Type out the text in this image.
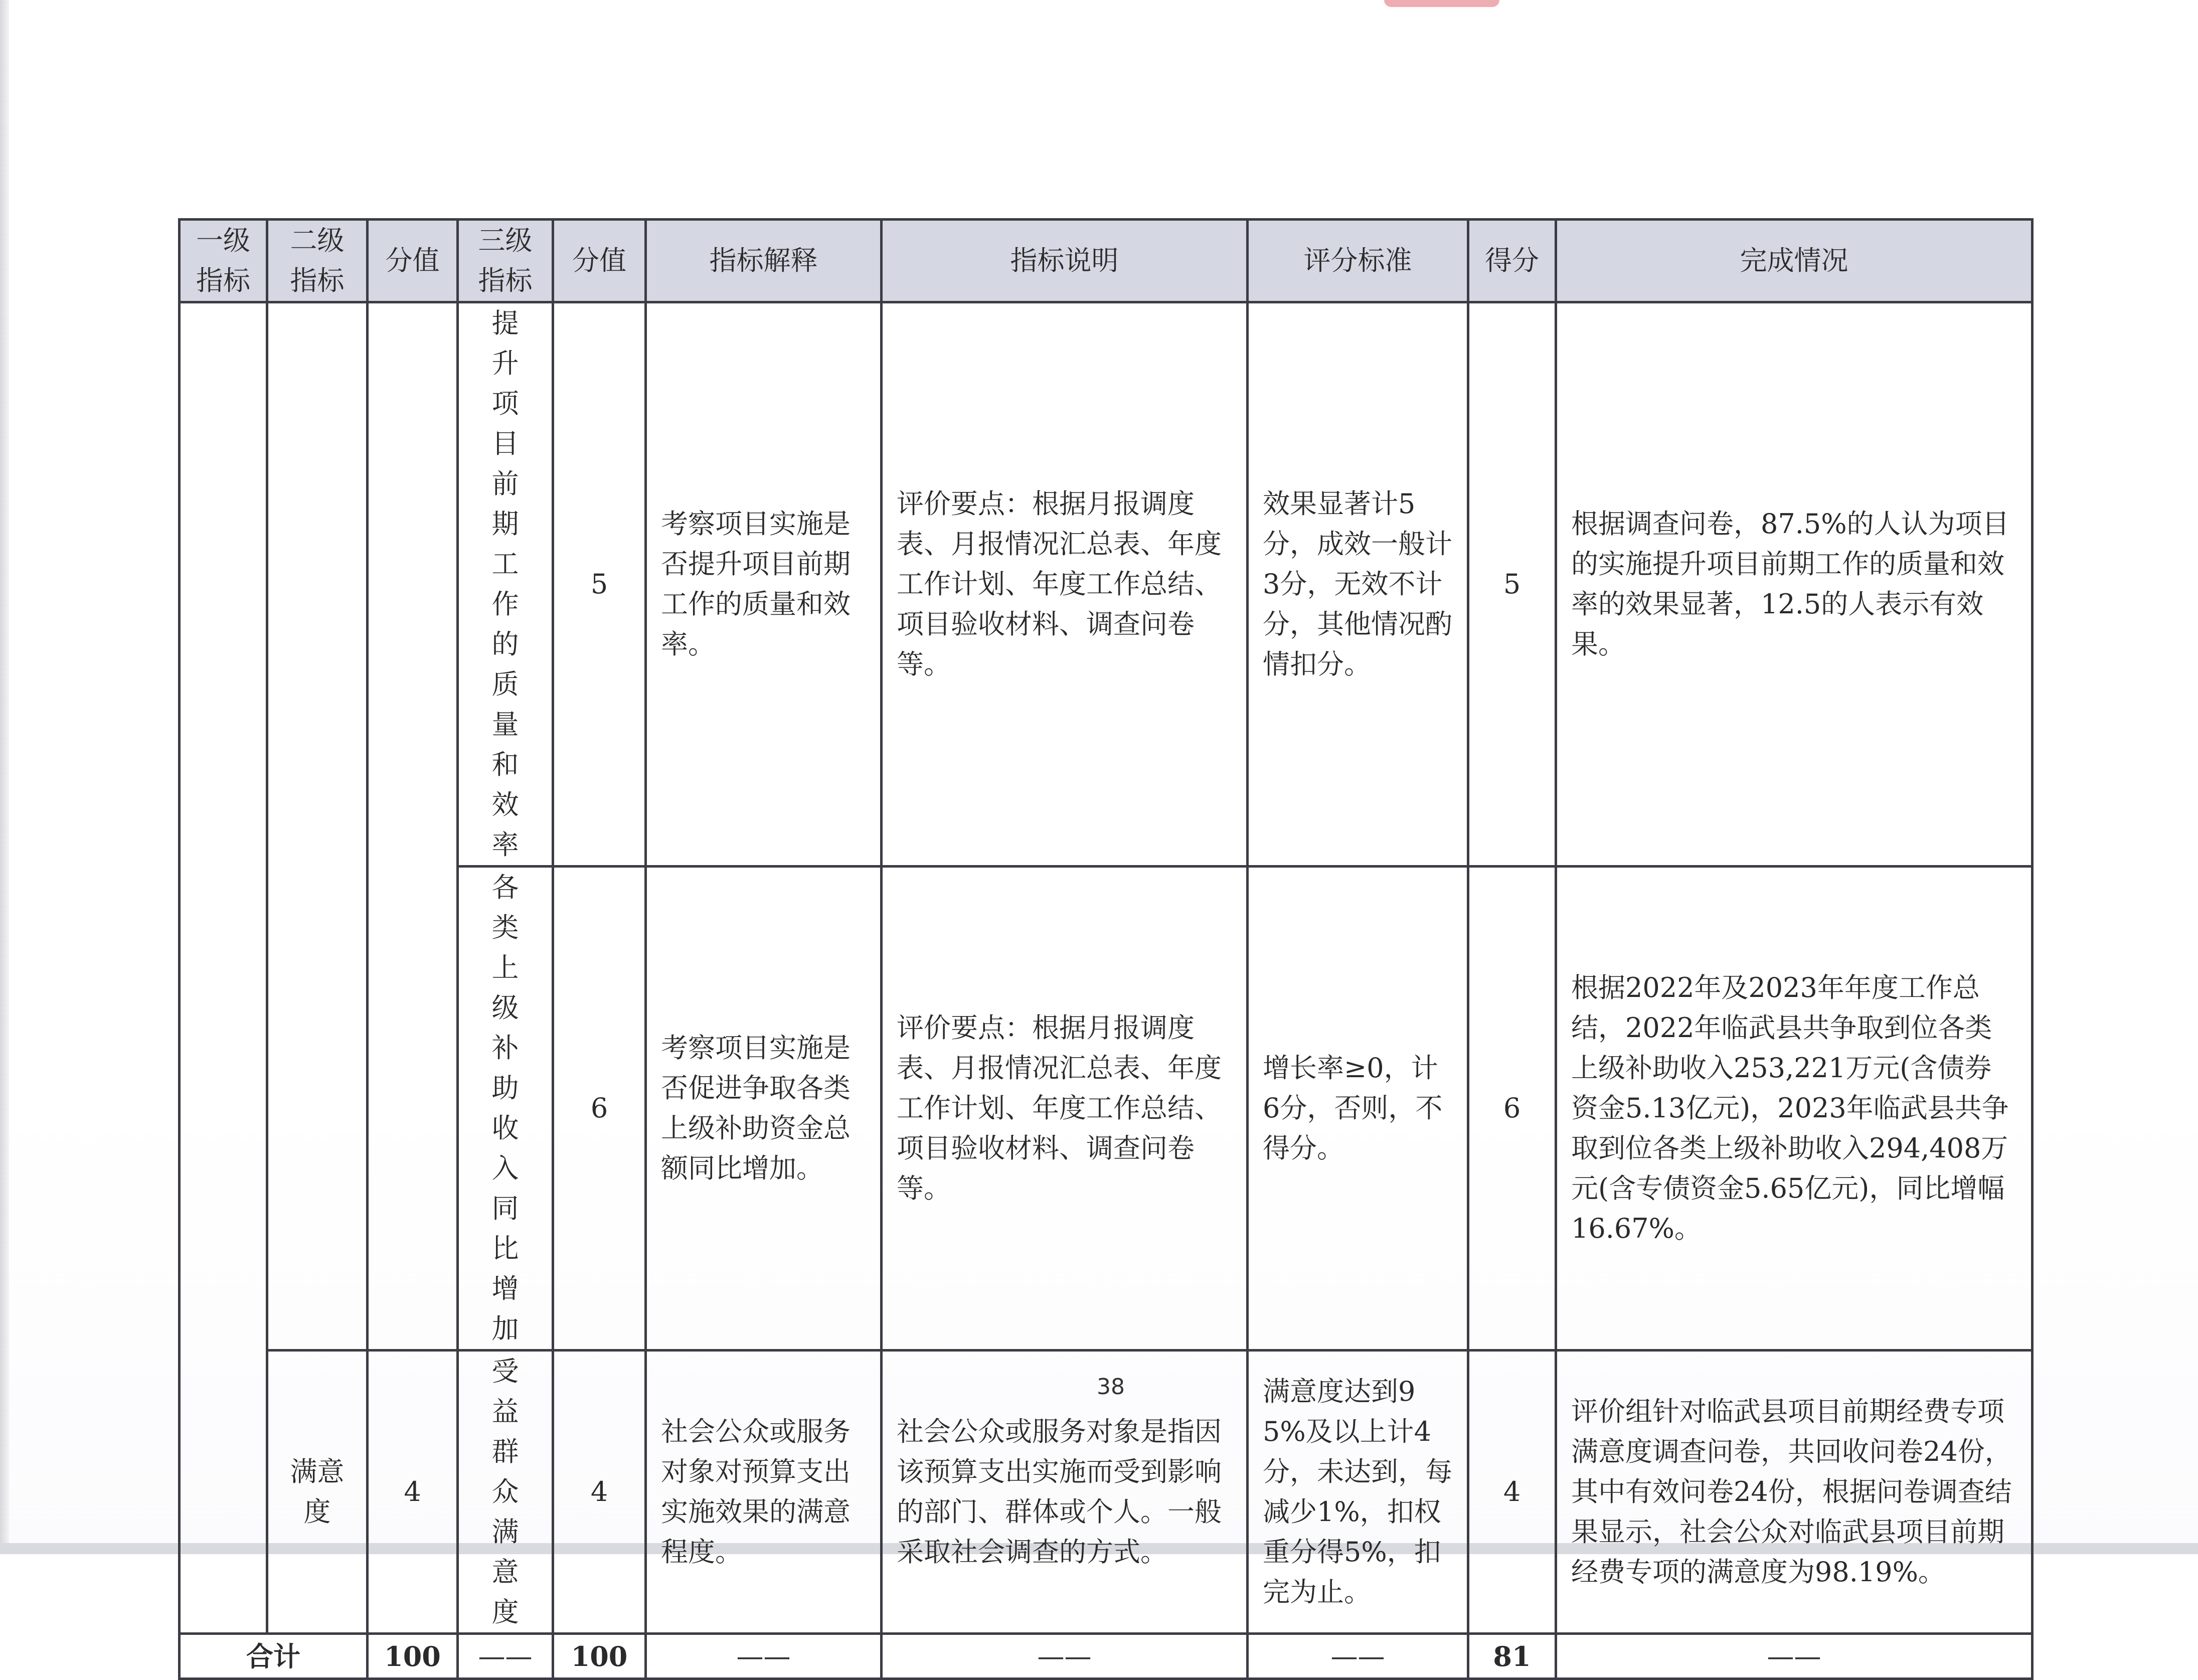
一级指标	二级指标	分值	三级指标	分值	指标解释	指标说明	评分标准	得分	完成情况

			提升项目前期工作的质量和效率	5	考察项目实施是否提升项目前期工作的质量和效率。	评价要点：根据月报调度表、月报情况汇总表、年度工作计划、年度工作总结、项目验收材料、调查问卷等。	效果显著计5分，成效一般计3分，无效不计分，其他情况酌情扣分。	5	根据调查问卷，87.5%的人认为项目的实施提升项目前期工作的质量和效率的效果显著，12.5的人表示有效果。

			各类上级补助收入同比增加	6	考察项目实施是否促进争取各类上级补助资金总额同比增加。	评价要点：根据月报调度表、月报情况汇总表、年度工作计划、年度工作总结、项目验收材料、调查问卷等。	增长率≥0，计6分，否则，不得分。	6	根据2022年及2023年年度工作总结，2022年临武县共争取到位各类上级补助收入253,221万元(含债券资金5.13亿元)，2023年临武县共争取到位各类上级补助收入294,408万元(含专债资金5.65亿元)，同比增幅16.67%。

	满意度	4	受益群众满意度	4	社会公众或服务对象对预算支出实施效果的满意程度。	社会公众或服务对象是指因该预算支出实施而受到影响的部门、群体或个人。一般采取社会调查的方式。	满意度达到95%及以上计4分，未达到，每减少1%，扣权重分得5%，扣完为止。	4	评价组针对临武县项目前期经费专项满意度调查问卷，共回收问卷24份，其中有效问卷24份，根据问卷调查结果显示，社会公众对临武县项目前期经费专项的满意度为98.19%。

合计		100	——	100	——	——	——	81	——
38
